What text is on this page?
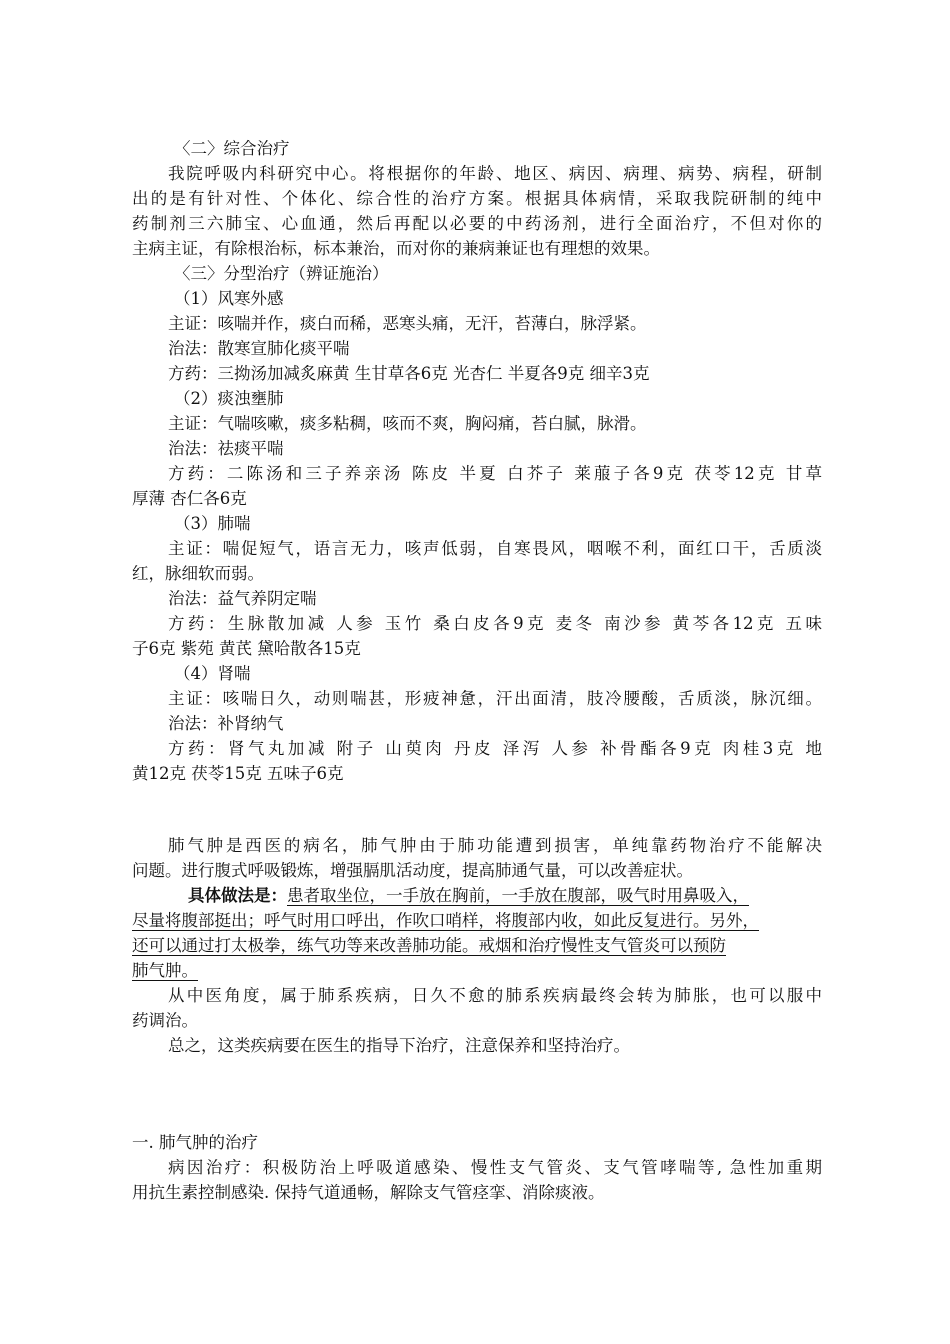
〈二〉综合治疗
我院呼吸内科研究中心。将根据你的年龄、地区、病因、病理、病势、病程，研制
出的是有针对性、个体化、综合性的治疗方案。根据具体病情，采取我院研制的纯中
药制剂三六肺宝、心血通，然后再配以必要的中药汤剂，进行全面治疗，不但对你的
主病主证，有除根治标，标本兼治，而对你的兼病兼证也有理想的效果。
〈三〉分型治疗（辨证施治）
（1）风寒外感
主证：咳喘并作，痰白而稀，恶寒头痛，无汗，苔薄白，脉浮紧。
治法：散寒宣肺化痰平喘
方药：三拗汤加减炙麻黄 生甘草各6克 光杏仁 半夏各9克 细辛3克
（2）痰浊壅肺
主证：气喘咳嗽，痰多粘稠，咳而不爽，胸闷痛，苔白腻，脉滑。
治法：祛痰平喘
方药：二陈汤和三子养亲汤 陈皮 半夏 白芥子 莱菔子各9克 茯苓12克 甘草
厚薄 杏仁各6克
（3）肺喘
主证：喘促短气，语言无力，咳声低弱，自寒畏风，咽喉不利，面红口干，舌质淡
红，脉细软而弱。
治法：益气养阴定喘
方药：生脉散加减 人参 玉竹 桑白皮各9克 麦冬 南沙参 黄芩各12克 五味
子6克 紫苑 黄芪 黛哈散各15克
（4）肾喘
主证：咳喘日久，动则喘甚，形疲神惫，汗出面清，肢冷腰酸，舌质淡，脉沉细。
治法：补肾纳气
方药：肾气丸加减 附子 山萸肉 丹皮 泽泻 人参 补骨酯各9克 肉桂3克 地
黄12克 茯苓15克 五味子6克
肺气肿是西医的病名，肺气肿由于肺功能遭到损害，单纯靠药物治疗不能解决
问题。进行腹式呼吸锻炼，增强膈肌活动度，提高肺通气量，可以改善症状。
具体做法是：患者取坐位，一手放在胸前，一手放在腹部，吸气时用鼻吸入，
尽量将腹部挺出；呼气时用口呼出，作吹口哨样，将腹部内收，如此反复进行。另外，
还可以通过打太极拳，练气功等来改善肺功能。戒烟和治疗慢性支气管炎可以预防
肺气肿。
从中医角度，属于肺系疾病，日久不愈的肺系疾病最终会转为肺胀，也可以服中
药调治。
总之，这类疾病要在医生的指导下治疗，注意保养和坚持治疗。
一. 肺气肿的治疗
病因治疗：积极防治上呼吸道感染、慢性支气管炎、支气管哮喘等, 急性加重期
用抗生素控制感染. 保持气道通畅，解除支气管痉挛、消除痰液。
